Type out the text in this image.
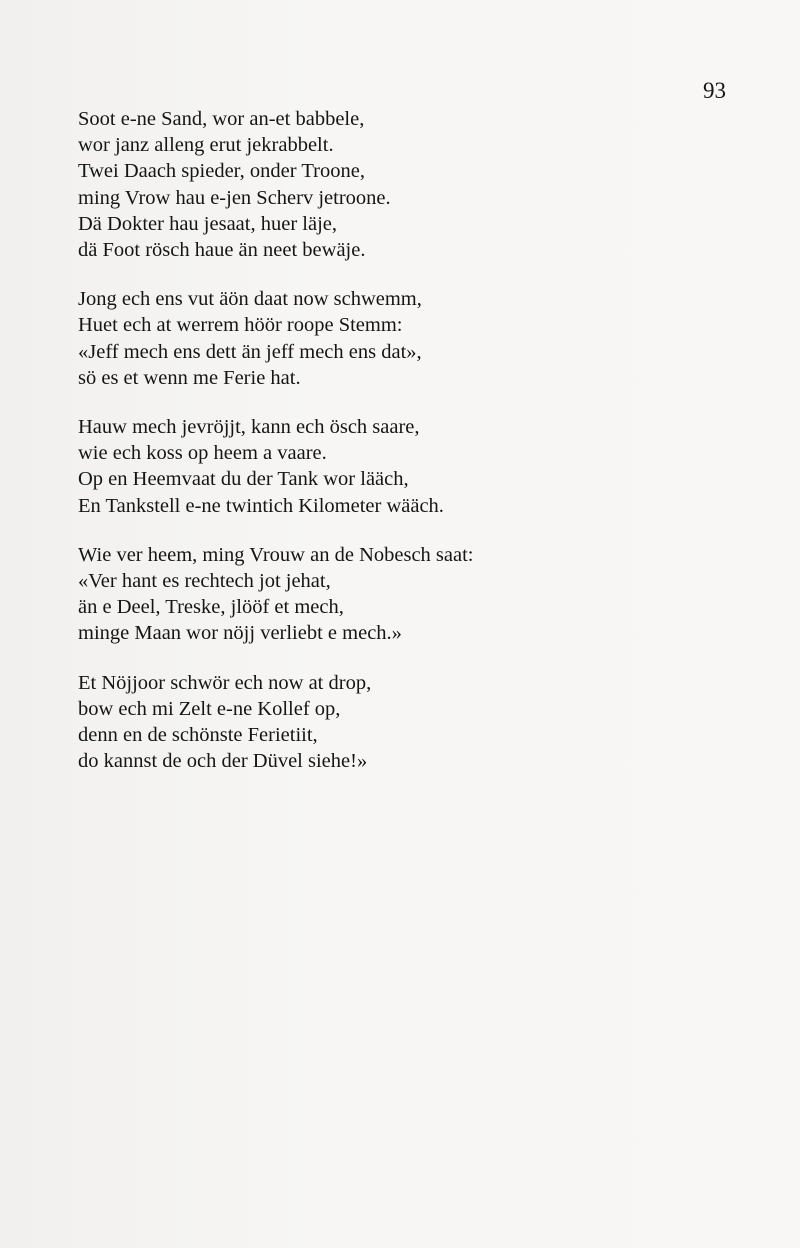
93
Soot e-ne Sand, wor an-et babbele,
wor janz alleng erut jekrabbelt.
Twei Daach spieder, onder Troone,
ming Vrow hau e-jen Scherv jetroone.
Dä Dokter hau jesaat, huer läje,
dä Foot rösch haue än neet bewäje.
Jong ech ens vut äön daat now schwemm,
Huet ech at werrem höör roope Stemm:
«Jeff mech ens dett än jeff mech ens dat»,
sö es et wenn me Ferie hat.
Hauw mech jevröjjt, kann ech ösch saare,
wie ech koss op heem a vaare.
Op en Heemvaat du der Tank wor lääch,
En Tankstell e-ne twintich Kilometer wääch.
Wie ver heem, ming Vrouw an de Nobesch saat:
«Ver hant es rechtech jot jehat,
än e Deel, Treske, jlööf et mech,
minge Maan wor nöjj verliebt e mech.»
Et Nöjjoor schwör ech now at drop,
bow ech mi Zelt e-ne Kollef op,
denn en de schönste Ferietiit,
do kannst de och der Düvel siehe!»
